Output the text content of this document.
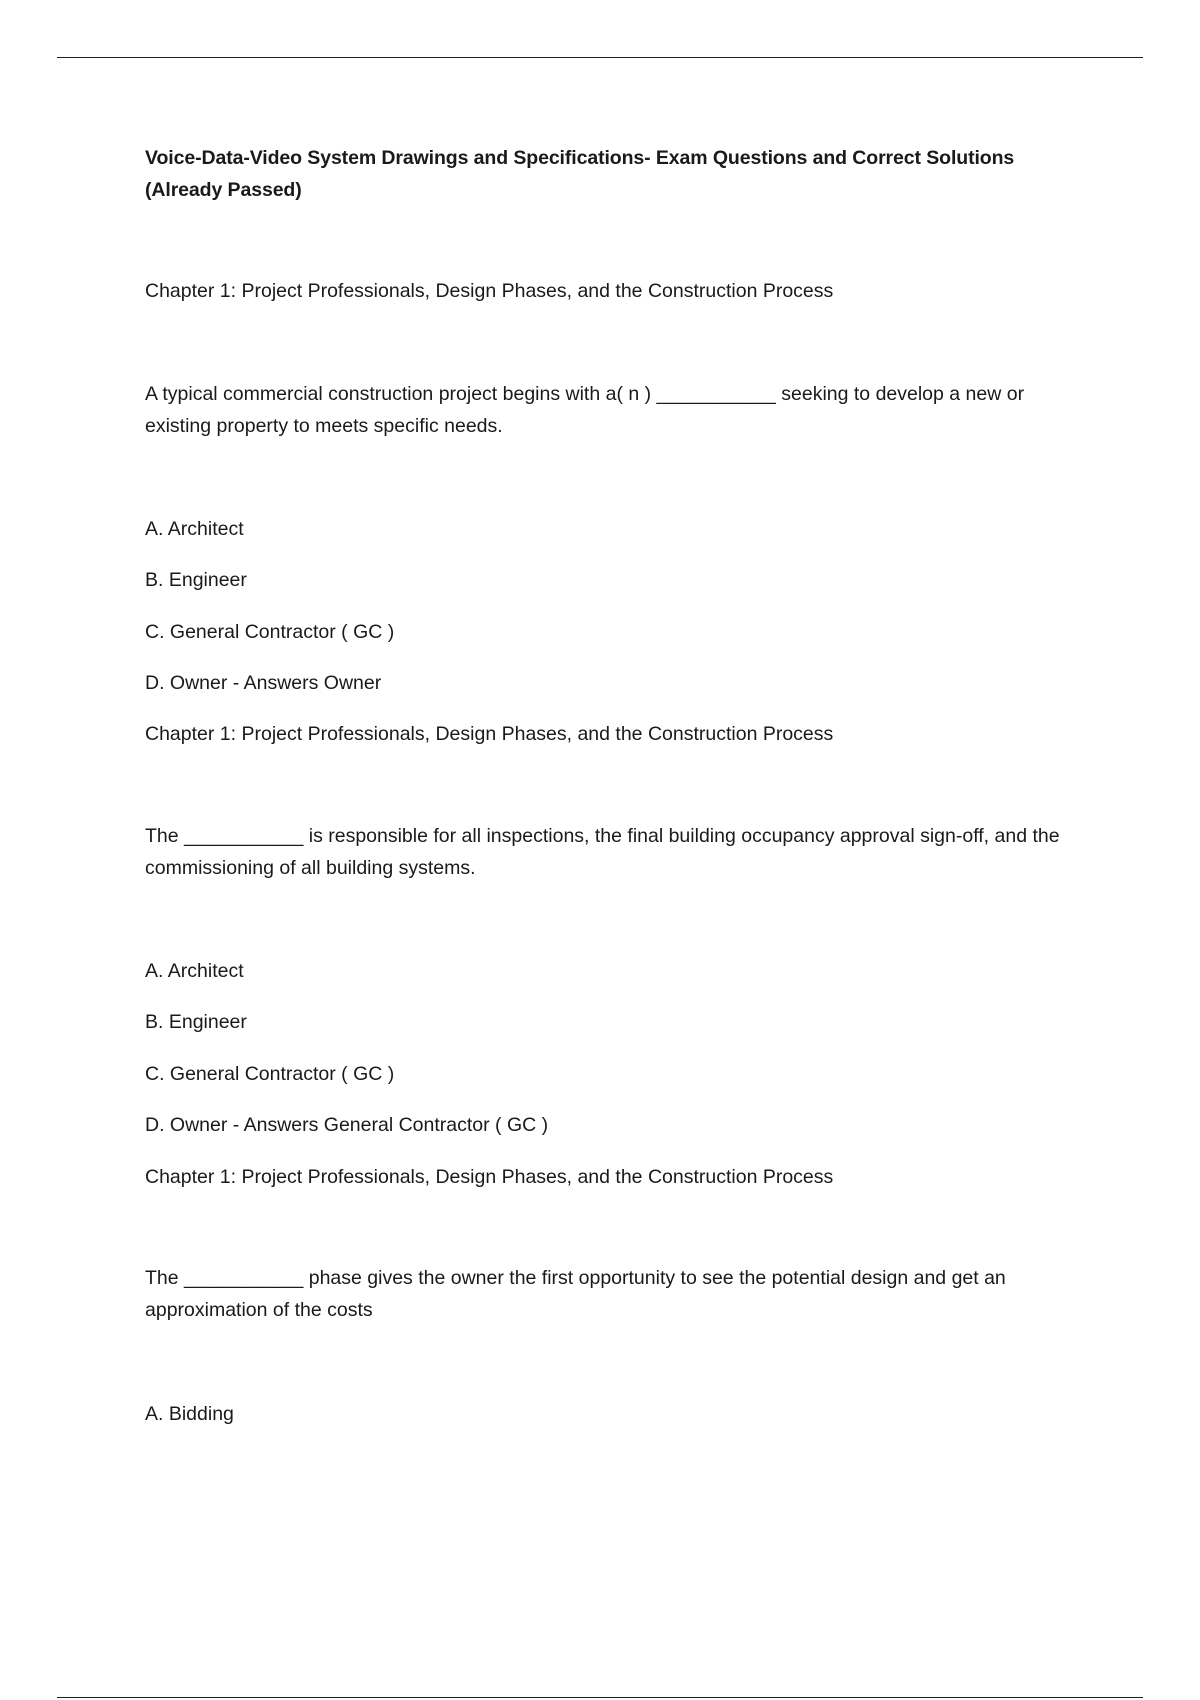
Voice-Data-Video System Drawings and Specifications- Exam Questions and Correct Solutions (Already Passed)
Chapter 1: Project Professionals, Design Phases, and the Construction Process
A typical commercial construction project begins with a( n ) ___________ seeking to develop a new or existing property to meets specific needs.
A. Architect
B. Engineer
C. General Contractor ( GC )
D. Owner - Answers Owner
Chapter 1: Project Professionals, Design Phases, and the Construction Process
The ___________ is responsible for all inspections, the final building occupancy approval sign-off, and the commissioning of all building systems.
A. Architect
B. Engineer
C. General Contractor ( GC )
D. Owner - Answers General Contractor ( GC )
Chapter 1: Project Professionals, Design Phases, and the Construction Process
The ___________ phase gives the owner the first opportunity to see the potential design and get an approximation of the costs
A. Bidding
